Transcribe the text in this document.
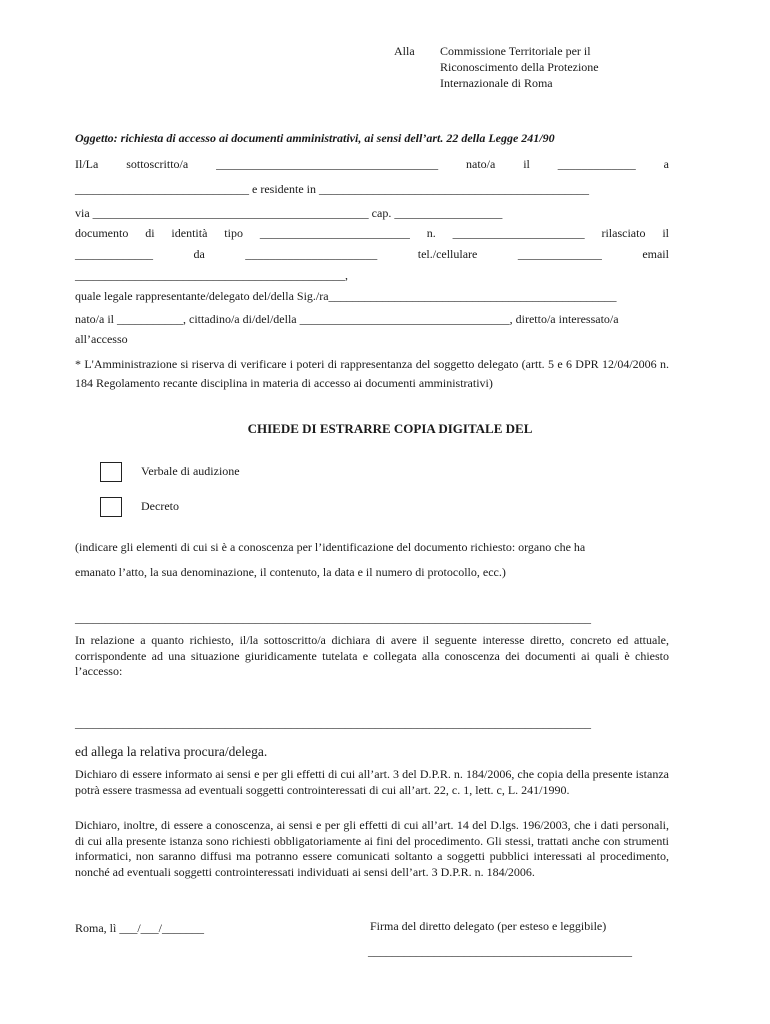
Alla Commissione Territoriale per il
Riconoscimento della Protezione
Internazionale di Roma
Oggetto: richiesta di accesso ai documenti amministrativi, ai sensi dell’art. 22 della Legge 241/90
Il/La sottoscritto/a _____________________________________ nato/a il _____________ a
_____________________________ e residente in _____________________________________________
via ______________________________________________ cap. __________________
documento di identità tipo _________________________ n. ______________________ rilasciato il
_____________	da	______________________	tel./cellulare	______________	email
_____________________________________________,
quale legale rappresentante/delegato del/della Sig./ra________________________________________________
nato/a il ___________, cittadino/a di/del/della ___________________________________, diretto/a interessato/a
all’accesso
* L'Amministrazione si riserva di verificare i poteri di rappresentanza del soggetto delegato (artt. 5 e 6 DPR 12/04/2006 n. 184 Regolamento recante disciplina in materia di accesso ai documenti amministrativi)
CHIEDE DI ESTRARRE COPIA DIGITALE DEL
Verbale di audizione
Decreto
(indicare gli elementi di cui si è a conoscenza per l’identificazione del documento richiesto: organo che ha
emanato l’atto, la sua denominazione, il contenuto, la data e il numero di protocollo, ecc.)
______________________________________________________________________________________
In relazione a quanto richiesto, il/la sottoscritto/a dichiara di avere il seguente interesse diretto, concreto ed attuale, corrispondente ad una situazione giuridicamente tutelata e collegata alla conoscenza dei documenti ai quali è chiesto l’accesso:
______________________________________________________________________________________
ed allega la relativa procura/delega.
Dichiaro di essere informato ai sensi e per gli effetti di cui all’art. 3 del D.P.R. n. 184/2006, che copia della presente istanza potrà essere trasmessa ad eventuali soggetti controinteressati di cui all’art. 22, c. 1, lett. c, L. 241/1990.
Dichiaro, inoltre, di essere a conoscenza, ai sensi e per gli effetti di cui all’art. 14 del D.lgs. 196/2003, che i dati personali, di cui alla presente istanza sono richiesti obbligatoriamente ai fini del procedimento. Gli stessi, trattati anche con strumenti informatici, non saranno diffusi ma potranno essere comunicati soltanto a soggetti pubblici interessati al procedimento, nonché ad eventuali soggetti controinteressati individuati ai sensi dell’art. 3 D.P.R. n. 184/2006.
Roma, lì ___/___/_______	Firma del diretto delegato (per esteso e leggibile)
____________________________________________
